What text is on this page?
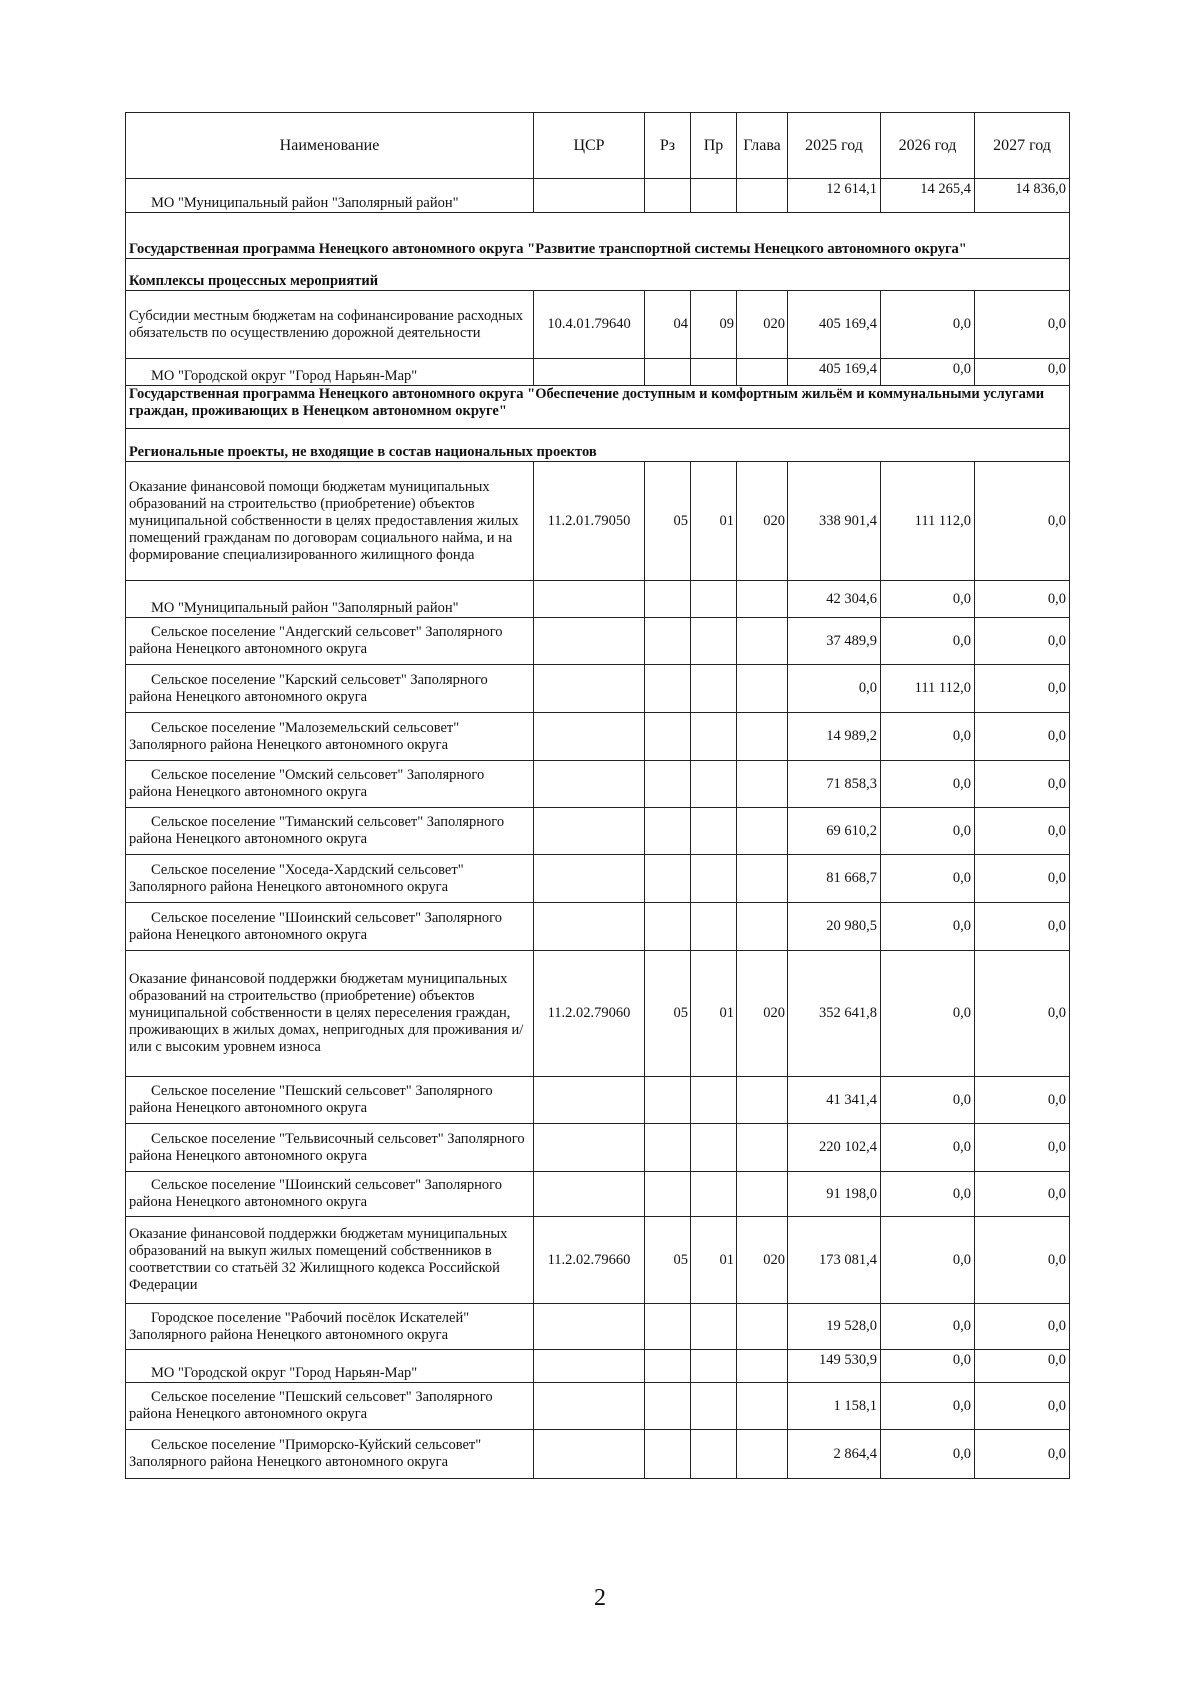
Наименование	ЦСР	Рз	Пр	Глава	2025 год	2026 год	2027 год
МО "Муниципальный район "Заполярный район"					12 614,1	14 265,4	14 836,0
Государственная программа Ненецкого автономного округа "Развитие транспортной системы Ненецкого автономного округа"							
Комплексы процессных мероприятий							
Субсидии местным бюджетам на софинансирование расходных обязательств по осуществлению дорожной деятельности	10.4.01.79640	04	09	020	405 169,4	0,0	0,0
МО "Городской округ "Город Нарьян-Мар"					405 169,4	0,0	0,0
Государственная программа Ненецкого автономного округа "Обеспечение доступным и комфортным жильём и коммунальными услугами граждан, проживающих в Ненецком автономном округе"							
Региональные проекты, не входящие в состав национальных проектов							
Оказание финансовой помощи бюджетам муниципальных образований на строительство (приобретение) объектов муниципальной собственности в целях предоставления жилых помещений гражданам по договорам социального найма, и на формирование специализированного жилищного фонда	11.2.01.79050	05	01	020	338 901,4	111 112,0	0,0
МО "Муниципальный район "Заполярный район"					42 304,6	0,0	0,0
Сельское поселение "Андегский сельсовет" Заполярного района Ненецкого автономного округа					37 489,9	0,0	0,0
Сельское поселение "Карский сельсовет" Заполярного района Ненецкого автономного округа					0,0	111 112,0	0,0
Сельское поселение "Малоземельский сельсовет" Заполярного района Ненецкого автономного округа					14 989,2	0,0	0,0
Сельское поселение "Омский сельсовет" Заполярного района Ненецкого автономного округа					71 858,3	0,0	0,0
Сельское поселение "Тиманский сельсовет" Заполярного района Ненецкого автономного округа					69 610,2	0,0	0,0
Сельское поселение "Хоседа-Хардский сельсовет" Заполярного района Ненецкого автономного округа					81 668,7	0,0	0,0
Сельское поселение "Шоинский сельсовет" Заполярного района Ненецкого автономного округа					20 980,5	0,0	0,0
Оказание финансовой поддержки бюджетам муниципальных образований на строительство (приобретение) объектов муниципальной собственности в целях переселения граждан, проживающих в жилых домах, непригодных для проживания и/или с высоким уровнем износа	11.2.02.79060	05	01	020	352 641,8	0,0	0,0
Сельское поселение "Пешский сельсовет" Заполярного района Ненецкого автономного округа					41 341,4	0,0	0,0
Сельское поселение "Тельвисочный сельсовет" Заполярного района Ненецкого автономного округа					220 102,4	0,0	0,0
Сельское поселение "Шоинский сельсовет" Заполярного района Ненецкого автономного округа					91 198,0	0,0	0,0
Оказание финансовой поддержки бюджетам муниципальных образований на выкуп жилых помещений собственников в соответствии со статьёй 32 Жилищного кодекса Российской Федерации	11.2.02.79660	05	01	020	173 081,4	0,0	0,0
Городское поселение "Рабочий посёлок Искателей" Заполярного района Ненецкого автономного округа					19 528,0	0,0	0,0
МО "Городской округ "Город Нарьян-Мар"					149 530,9	0,0	0,0
Сельское поселение "Пешский сельсовет" Заполярного района Ненецкого автономного округа					1 158,1	0,0	0,0
Сельское поселение "Приморско-Куйский сельсовет" Заполярного района Ненецкого автономного округа					2 864,4	0,0	0,0
2
